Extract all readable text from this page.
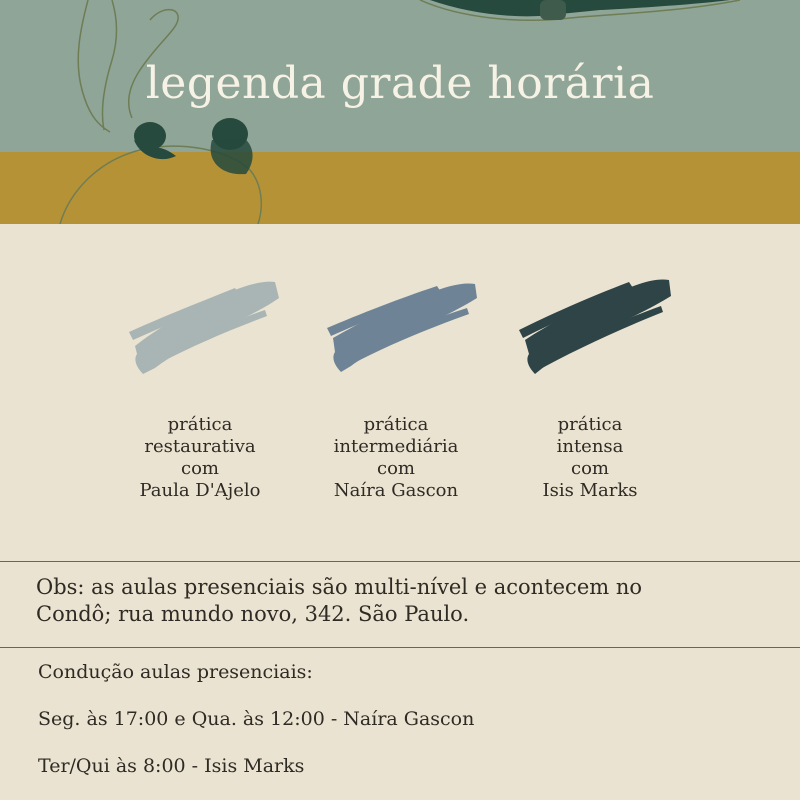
legenda grade horária
prática
restaurativa
com
Paula D'Ajelo
prática
intermediária
com
Naíra Gascon
prática
intensa
com
Isis Marks
Obs: as aulas presenciais são multi-nível e acontecem no
Condô; rua mundo novo, 342. São Paulo.
Condução aulas presenciais:
Seg. às 17:00 e Qua. às 12:00 - Naíra Gascon
Ter/Qui às 8:00 - Isis Marks
